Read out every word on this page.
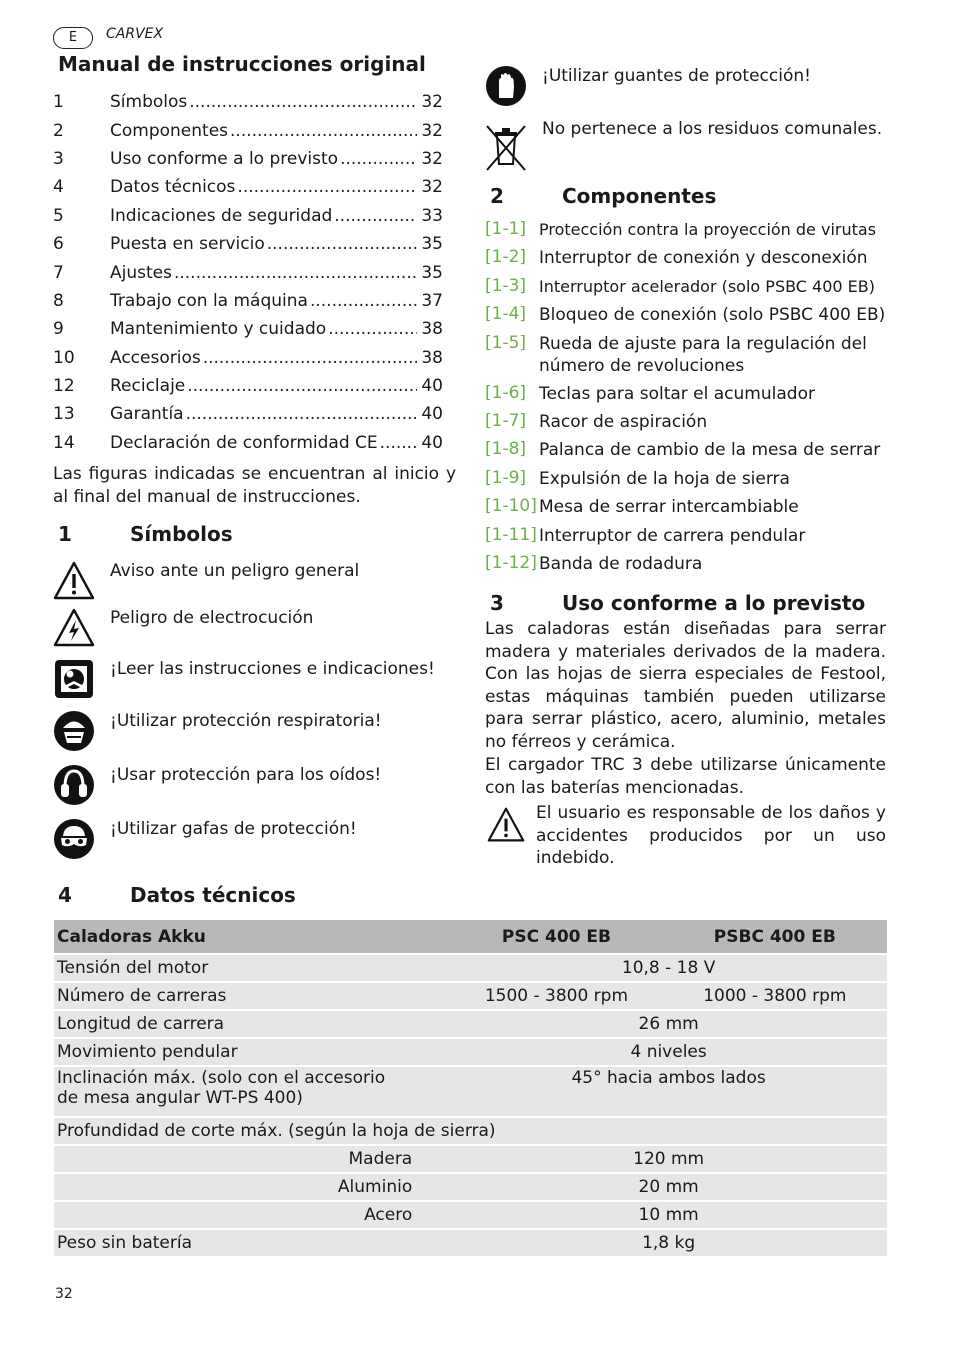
E	CARVEX
Manual de instrucciones original
1	Símbolos .....	32
2	Componentes .....	32
3	Uso conforme a lo previsto .....	32
4	Datos técnicos .....	32
5	Indicaciones de seguridad .....	33
6	Puesta en servicio .....	35
7	Ajustes .....	35
8	Trabajo con la máquina .....	37
9	Mantenimiento y cuidado .....	38
10	Accesorios .....	38
12	Reciclaje .....	40
13	Garantía .....	40
14	Declaración de conformidad CE .....	40
Las figuras indicadas se encuentran al inicio y al final del manual de instrucciones.
1	Símbolos
Aviso ante un peligro general
Peligro de electrocución
¡Leer las instrucciones e indicaciones!
¡Utilizar protección respiratoria!
¡Usar protección para los oídos!
¡Utilizar gafas de protección!
¡Utilizar guantes de protección!
No pertenece a los residuos comunales.
2	Componentes
[1-1] Protección contra la proyección de virutas
[1-2] Interruptor de conexión y desconexión
[1-3] Interruptor acelerador (solo PSBC 400 EB)
[1-4] Bloqueo de conexión (solo PSBC 400 EB)
[1-5] Rueda de ajuste para la regulación del número de revoluciones
[1-6] Teclas para soltar el acumulador
[1-7] Racor de aspiración
[1-8] Palanca de cambio de la mesa de serrar
[1-9] Expulsión de la hoja de sierra
[1-10] Mesa de serrar intercambiable
[1-11] Interruptor de carrera pendular
[1-12] Banda de rodadura
3	Uso conforme a lo previsto
Las caladoras están diseñadas para serrar madera y materiales derivados de la madera. Con las hojas de sierra especiales de Festool, estas máquinas también pueden utilizarse para serrar plástico, acero, aluminio, metales no férreos y cerámica.
El cargador TRC 3 debe utilizarse únicamente con las baterías mencionadas.
El usuario es responsable de los daños y accidentes producidos por un uso indebido.
4	Datos técnicos
Caladoras Akku	PSC 400 EB	PSBC 400 EB
Tensión del motor	10,8 - 18 V	
Número de carreras	1500 - 3800 rpm	1000 - 3800 rpm
Longitud de carrera	26 mm	
Movimiento pendular	4 niveles	
Inclinación máx. (solo con el accesorio
de mesa angular WT-PS 400)	45° hacia ambos lados	
Profundidad de corte máx. (según la hoja de sierra)		
Madera	120 mm	
Aluminio	20 mm	
Acero	10 mm	
Peso sin batería	1,8 kg	
32
